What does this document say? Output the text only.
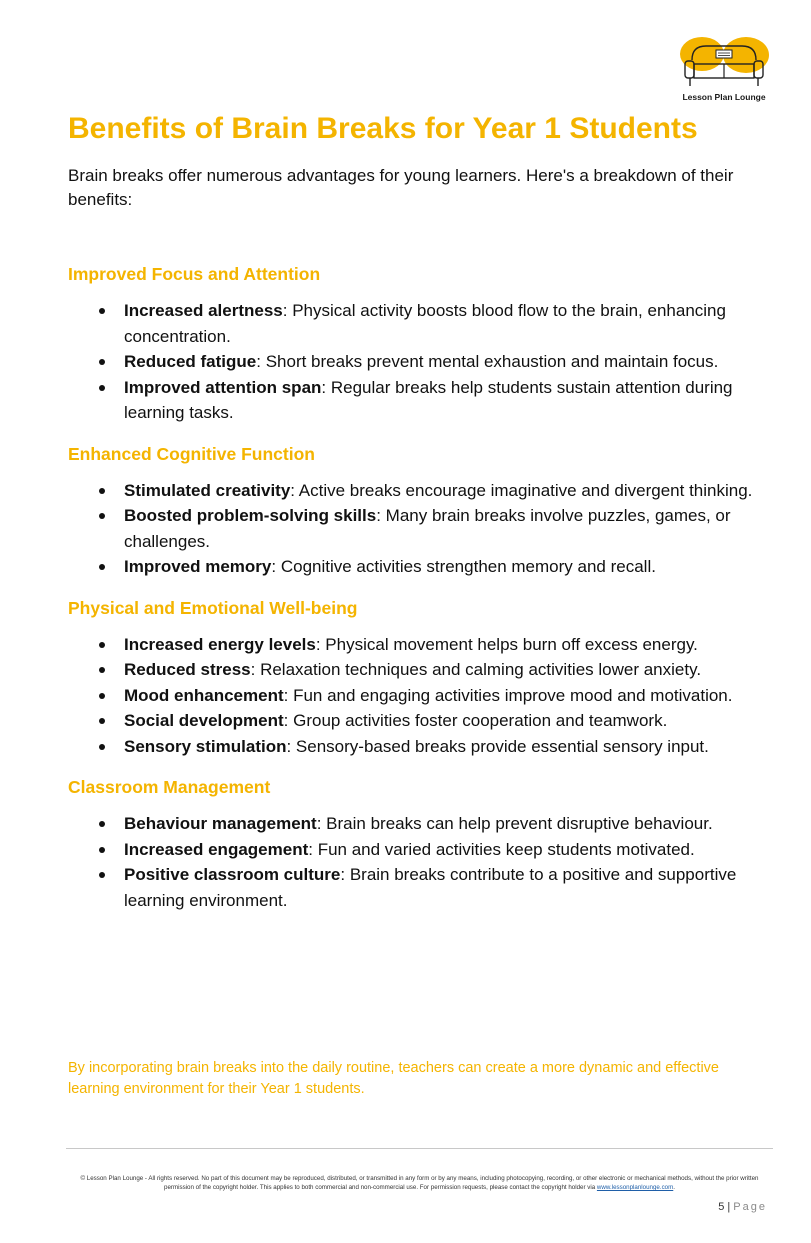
Lesson Plan Lounge
Benefits of Brain Breaks for Year 1 Students

Brain breaks offer numerous advantages for young learners. Here's a breakdown of their benefits:

Improved Focus and Attention
Increased alertness: Physical activity boosts blood flow to the brain, enhancing concentration.
Reduced fatigue: Short breaks prevent mental exhaustion and maintain focus.
Improved attention span: Regular breaks help students sustain attention during learning tasks.
Enhanced Cognitive Function
Stimulated creativity: Active breaks encourage imaginative and divergent thinking.
Boosted problem-solving skills: Many brain breaks involve puzzles, games, or challenges.
Improved memory: Cognitive activities strengthen memory and recall.
Physical and Emotional Well-being
Increased energy levels: Physical movement helps burn off excess energy.
Reduced stress: Relaxation techniques and calming activities lower anxiety.
Mood enhancement: Fun and engaging activities improve mood and motivation.
Social development: Group activities foster cooperation and teamwork.
Sensory stimulation: Sensory-based breaks provide essential sensory input.
Classroom Management
Behaviour management: Brain breaks can help prevent disruptive behaviour.
Increased engagement: Fun and varied activities keep students motivated.
Positive classroom culture: Brain breaks contribute to a positive and supportive learning environment.

By incorporating brain breaks into the daily routine, teachers can create a more dynamic and effective learning environment for their Year 1 students.

© Lesson Plan Lounge - All rights reserved. No part of this document may be reproduced, distributed, or transmitted in any form or by any means, including photocopying, recording, or other electronic or mechanical methods, without the prior written permission of the copyright holder. This applies to both commercial and non-commercial use. For permission requests, please contact the copyright holder via www.lessonplanlounge.com.

5 | Page
